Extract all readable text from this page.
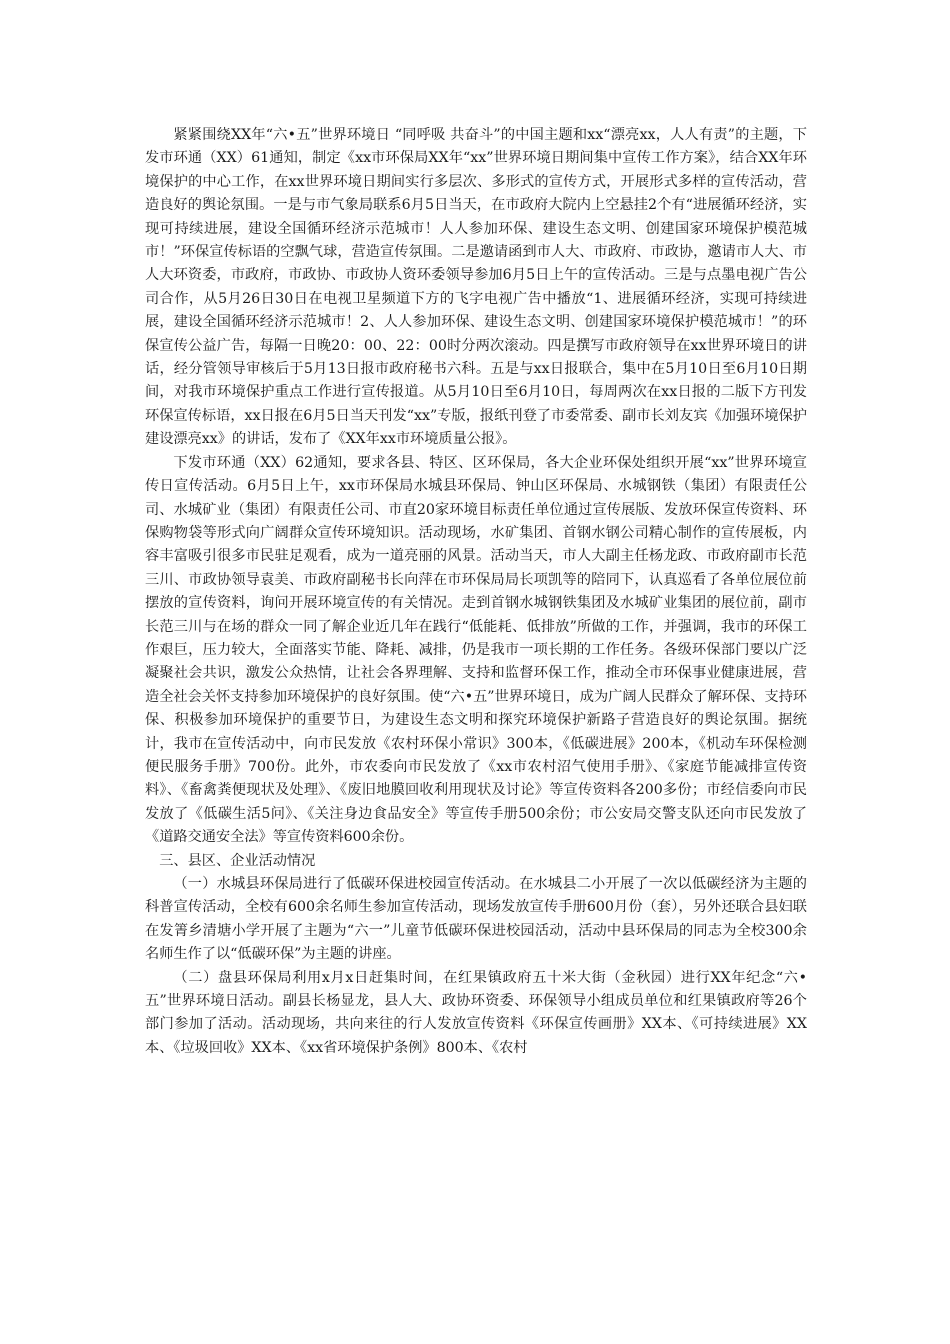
紧紧围绕XX年“六•五”世界环境日 “同呼吸 共奋斗”的中国主题和xx“漂亮xx，人人有责”的主题，下发市环通（XX）61通知，制定《xx市环保局XX年“xx”世界环境日期间集中宣传工作方案》，结合XX年环境保护的中心工作，在xx世界环境日期间实行多层次、多形式的宣传方式，开展形式多样的宣传活动，营造良好的舆论氛围。一是与市气象局联系6月5日当天，在市政府大院内上空悬挂2个有“进展循环经济，实现可持续进展，建设全国循环经济示范城市！人人参加环保、建设生态文明、创建国家环境保护模范城市！”环保宣传标语的空飘气球，营造宣传氛围。二是邀请函到市人大、市政府、市政协，邀请市人大、市人大环资委，市政府，市政协、市政协人资环委领导参加6月5日上午的宣传活动。三是与点墨电视广告公司合作，从5月26日30日在电视卫星频道下方的飞字电视广告中播放“1、进展循环经济，实现可持续进展，建设全国循环经济示范城市！2、人人参加环保、建设生态文明、创建国家环境保护模范城市！”的环保宣传公益广告，每隔一日晚20：00、22：00时分两次滚动。四是撰写市政府领导在xx世界环境日的讲话，经分管领导审核后于5月13日报市政府秘书六科。五是与xx日报联合，集中在5月10日至6月10日期间，对我市环境保护重点工作进行宣传报道。从5月10日至6月10日，每周两次在xx日报的二版下方刊发环保宣传标语，xx日报在6月5日当天刊发“xx”专版，报纸刊登了市委常委、副市长刘友宾《加强环境保护建设漂亮xx》的讲话，发布了《XX年xx市环境质量公报》。

下发市环通（XX）62通知，要求各县、特区、区环保局，各大企业环保处组织开展“xx”世界环境宣传日宣传活动。6月5日上午，xx市环保局水城县环保局、钟山区环保局、水城钢铁（集团）有限责任公司、水城矿业（集团）有限责任公司、市直20家环境目标责任单位通过宣传展版、发放环保宣传资料、环保购物袋等形式向广阔群众宣传环境知识。活动现场，水矿集团、首钢水钢公司精心制作的宣传展板，内容丰富吸引很多市民驻足观看，成为一道亮丽的风景。活动当天，市人大副主任杨龙政、市政府副市长范三川、市政协领导袁美、市政府副秘书长向萍在市环保局局长项凯等的陪同下，认真巡看了各单位展位前摆放的宣传资料，询问开展环境宣传的有关情况。走到首钢水城钢铁集团及水城矿业集团的展位前，副市长范三川与在场的群众一同了解企业近几年在践行“低能耗、低排放”所做的工作，并强调，我市的环保工作艰巨，压力较大，全面落实节能、降耗、减排，仍是我市一项长期的工作任务。各级环保部门要以广泛凝聚社会共识，激发公众热情，让社会各界理解、支持和监督环保工作，推动全市环保事业健康进展，营造全社会关怀支持参加环境保护的良好氛围。使“六•五”世界环境日，成为广阔人民群众了解环保、支持环保、积极参加环境保护的重要节日，为建设生态文明和探究环境保护新路子营造良好的舆论氛围。据统计，我市在宣传活动中，向市民发放《农村环保小常识》300本，《低碳进展》200本，《机动车环保检测便民服务手册》700份。此外，市农委向市民发放了《xx市农村沼气使用手册》、《家庭节能减排宣传资料》、《畜禽粪便现状及处理》、《废旧地膜回收利用现状及讨论》等宣传资料各200多份；市经信委向市民发放了《低碳生活5问》、《关注身边食品安全》等宣传手册500余份；市公安局交警支队还向市民发放了《道路交通安全法》等宣传资料600余份。

三、县区、企业活动情况

（一）水城县环保局进行了低碳环保进校园宣传活动。在水城县二小开展了一次以低碳经济为主题的科普宣传活动，全校有600余名师生参加宣传活动，现场发放宣传手册600月份（套），另外还联合县妇联在发箐乡清塘小学开展了主题为“六一”儿童节低碳环保进校园活动，活动中县环保局的同志为全校300余名师生作了以“低碳环保”为主题的讲座。

（二）盘县环保局利用x月x日赶集时间，在红果镇政府五十米大街（金秋园）进行XX年纪念“六•五”世界环境日活动。副县长杨显龙，县人大、政协环资委、环保领导小组成员单位和红果镇政府等26个部门参加了活动。活动现场，共向来往的行人发放宣传资料《环保宣传画册》XX本、《可持续进展》XX本、《垃圾回收》XX本、《xx省环境保护条例》800本、《农村
